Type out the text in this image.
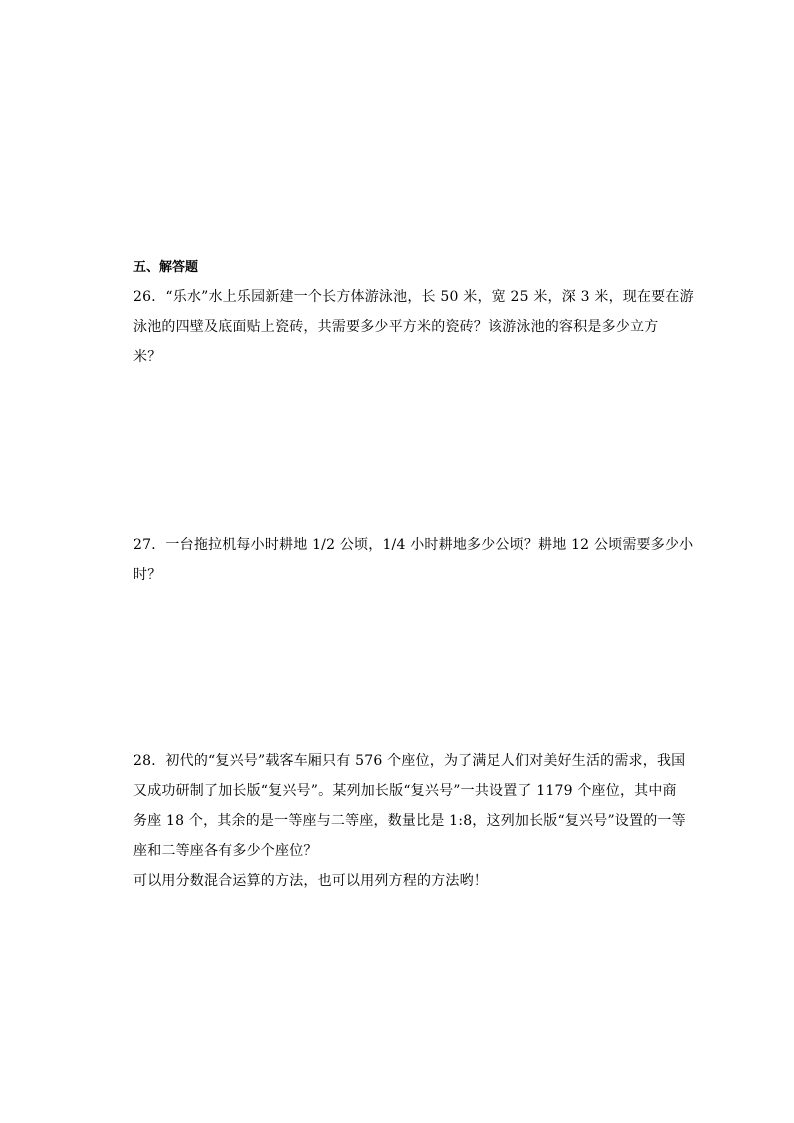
五、解答题
26．“乐水”水上乐园新建一个长方体游泳池，长 50 米，宽 25 米，深 3 米，现在要在游
泳池的四壁及底面贴上瓷砖，共需要多少平方米的瓷砖？该游泳池的容积是多少立方
米？
27．一台拖拉机每小时耕地 1/2 公顷，1/4 小时耕地多少公顷？耕地 12 公顷需要多少小
时？
28．初代的“复兴号”载客车厢只有 576 个座位，为了满足人们对美好生活的需求，我国
又成功研制了加长版“复兴号”。某列加长版“复兴号”一共设置了 1179 个座位，其中商
务座 18 个，其余的是一等座与二等座，数量比是 1:8，这列加长版“复兴号”设置的一等
座和二等座各有多少个座位？
可以用分数混合运算的方法，也可以用列方程的方法哟！
